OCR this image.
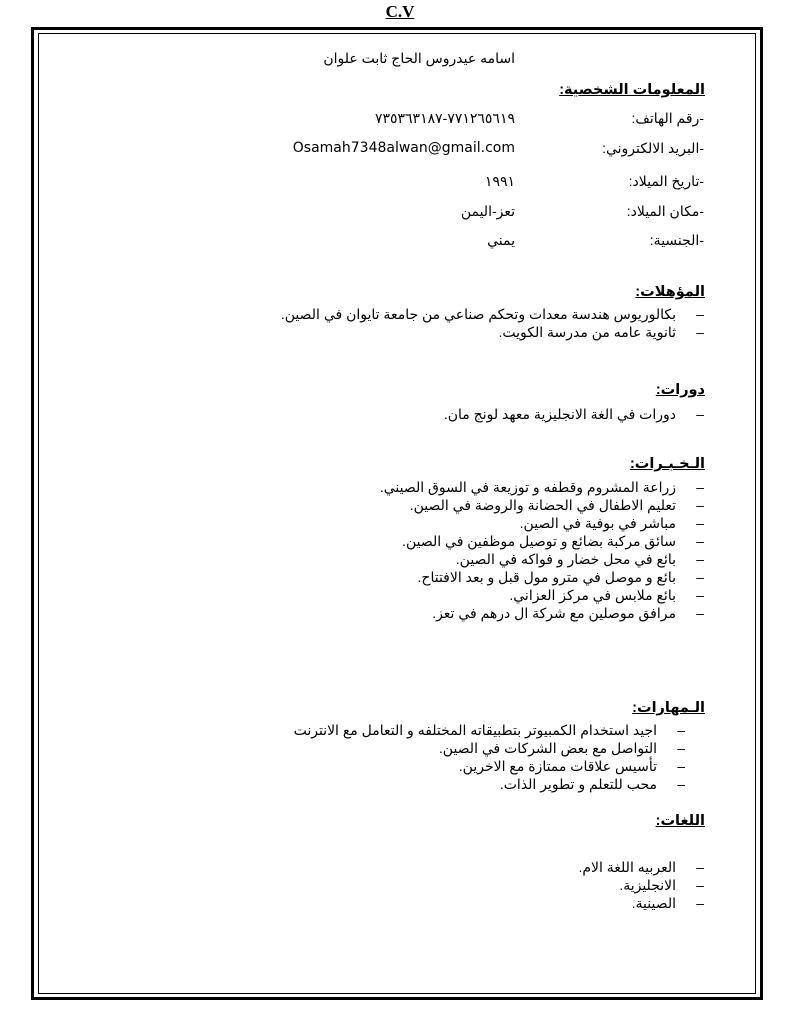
C.V
اسامه عيدروس الحاج ثابت علوان
المعلومات الشخصية:
-رقم الهاتف:
٧٧١٢٦٥٦١٩-٧٣٥٣٦٣١٨٧
-البريد الالكتروني:
Osamah7348alwan@gmail.com
-تاريخ الميلاد:
١٩٩١
-مكان الميلاد:
تعز-اليمن
-الجنسية:
يمني
المؤهلات:
– بكالوريوس هندسة معدات وتحكم صناعي من جامعة تايوان في الصين.
– ثانوية عامه من مدرسة الكويت.
دورات:
– دورات في الغة الانجليزية معهد لونج مان.
الـخـبـرات:
– زراعة المشروم وقطفه و توزيعة في السوق الصيني.
– تعليم الاطفال في الحضانة والروضة في الصين.
– مباشر في بوفية في الصين.
– سائق مركبة بضائع و توصيل موظفين في الصين.
– بائع في محل خضار و فواكه في الصين.
– بائع و موصل في مترو مول قبل و بعد الافتتاح.
– بائع ملابس في مركز العزاني.
– مرافق موصلين مع شركة ال درهم في تعز.
الـمهارات:
– اجيد استخدام الكمبيوتر بتطبيقاته المختلفه و التعامل مع الانترنت
– التواصل مع بعض الشركات في الصين.
– تأسيس علاقات ممتازة مع الاخرين.
– محب للتعلم و تطوير الذات.
اللغات:
– العربيه اللغة الام.
– الانجليزية.
– الصينية.
